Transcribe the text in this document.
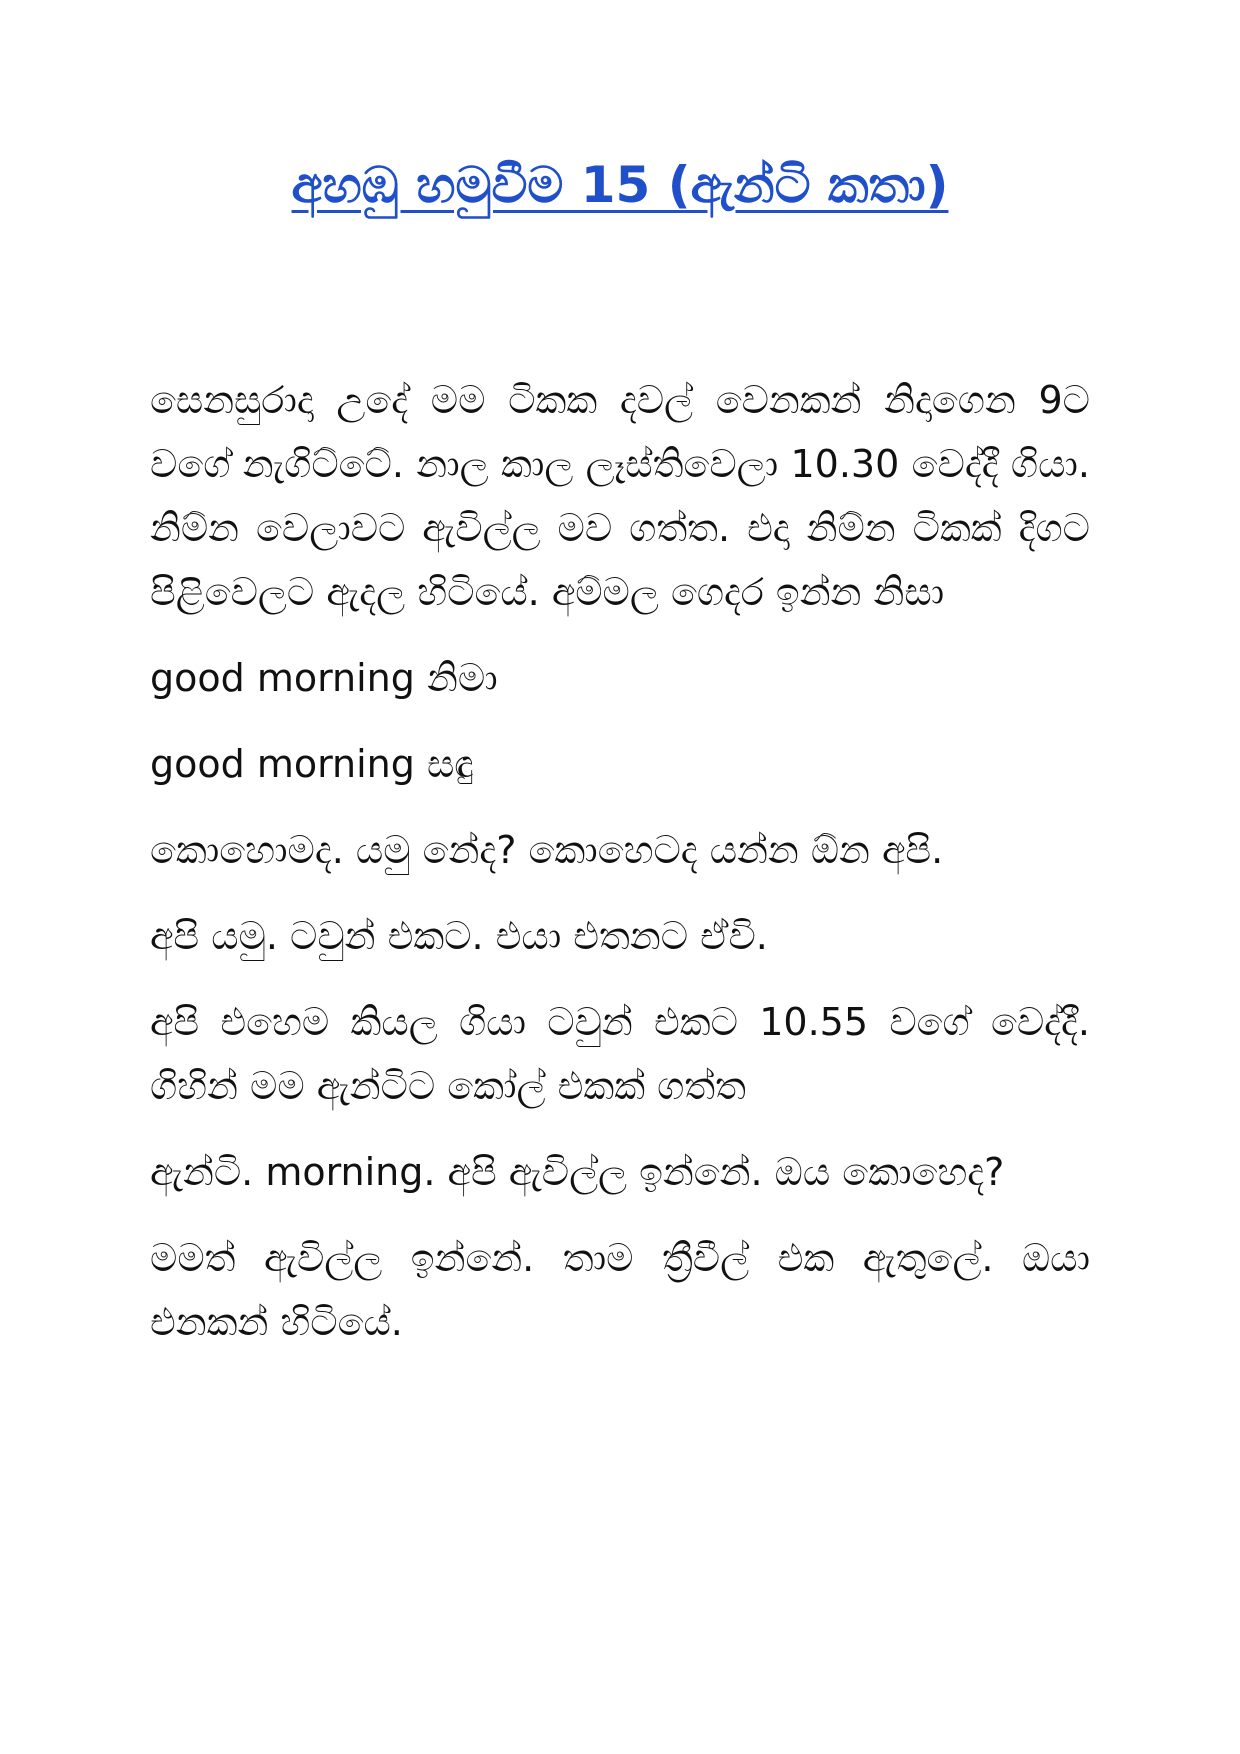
අහඹු හමුවීම 15 (ඇන්ටි කතා)

සෙනසුරාදා උදේ මම ටිකක දවල් වෙනකන් නිදාගෙන 9ට වගේ නැගිට්ටේ. නාල කාල ලෑස්තිවෙලා 10.30 වෙද්දී ගියා. නිම්න වෙලාවට ඇවිල්ල මව ගත්ත. එදා නිම්න ටිකක් දිගට පිළිවෙලට ඇදල හිටියේ. අම්මල ගෙදර ඉන්න නිසා

good morning නිමා

good morning සඳු

කොහොමද. යමු නේද? කොහෙටද යන්න ඕන අපි.

අපි යමු. ටවුන් එකට. එයා එතනට ඒවි.

අපි එහෙම කියල ගියා ටවුන් එකට 10.55 වගේ වෙද්දී. ගිහින් මම ඇන්ටිට කෝල් එකක් ගත්ත

ඇන්ටි. morning. අපි ඇවිල්ල ඉන්නේ. ඔය කොහෙද?

මමත් ඇවිල්ල ඉන්නේ. තාම ත්‍රීවීල් එක ඇතුලේ. ඔයා එනකන් හිටියේ.
